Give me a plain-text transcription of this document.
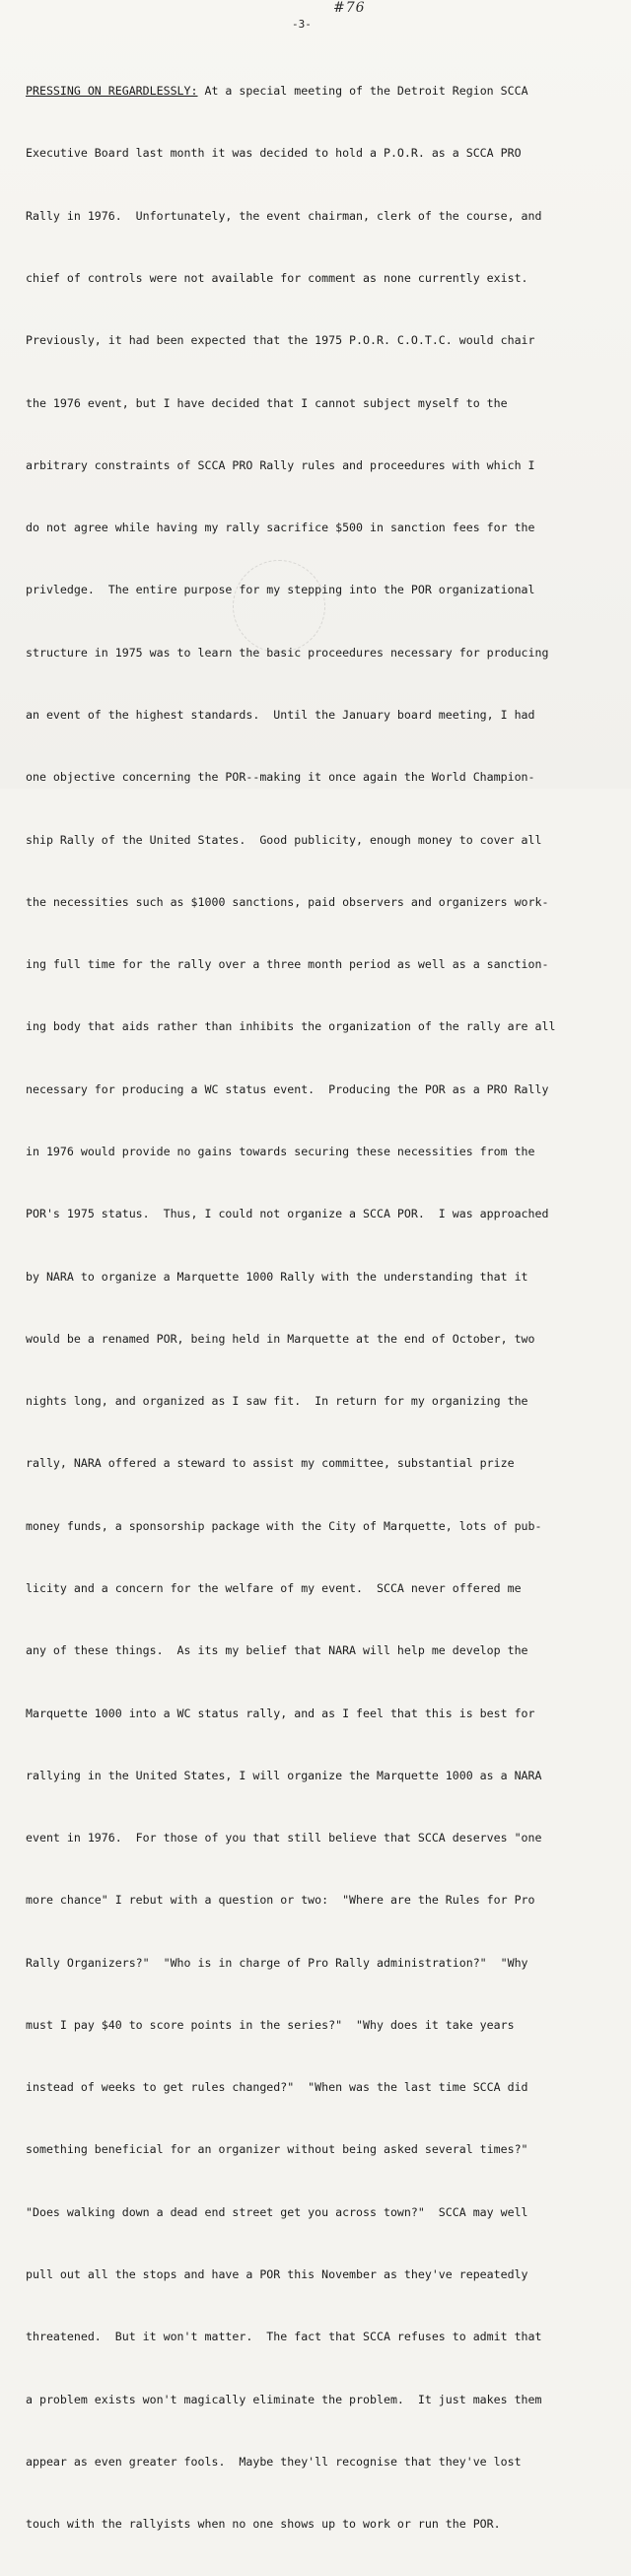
#76
-3-

PRESSING ON REGARDLESSLY: At a special meeting of the Detroit Region SCCA

Executive Board last month it was decided to hold a P.O.R. as a SCCA PRO

Rally in 1976.  Unfortunately, the event chairman, clerk of the course, and

chief of controls were not available for comment as none currently exist.

Previously, it had been expected that the 1975 P.O.R. C.O.T.C. would chair

the 1976 event, but I have decided that I cannot subject myself to the

arbitrary constraints of SCCA PRO Rally rules and proceedures with which I

do not agree while having my rally sacrifice $500 in sanction fees for the

privledge.  The entire purpose for my stepping into the POR organizational

structure in 1975 was to learn the basic proceedures necessary for producing

an event of the highest standards.  Until the January board meeting, I had

one objective concerning the POR--making it once again the World Champion-

ship Rally of the United States.  Good publicity, enough money to cover all

the necessities such as $1000 sanctions, paid observers and organizers work-

ing full time for the rally over a three month period as well as a sanction-

ing body that aids rather than inhibits the organization of the rally are all

necessary for producing a WC status event.  Producing the POR as a PRO Rally

in 1976 would provide no gains towards securing these necessities from the

POR's 1975 status.  Thus, I could not organize a SCCA POR.  I was approached

by NARA to organize a Marquette 1000 Rally with the understanding that it

would be a renamed POR, being held in Marquette at the end of October, two

nights long, and organized as I saw fit.  In return for my organizing the

rally, NARA offered a steward to assist my committee, substantial prize

money funds, a sponsorship package with the City of Marquette, lots of pub-

licity and a concern for the welfare of my event.  SCCA never offered me

any of these things.  As its my belief that NARA will help me develop the

Marquette 1000 into a WC status rally, and as I feel that this is best for

rallying in the United States, I will organize the Marquette 1000 as a NARA

event in 1976.  For those of you that still believe that SCCA deserves "one

more chance" I rebut with a question or two:  "Where are the Rules for Pro

Rally Organizers?"  "Who is in charge of Pro Rally administration?"  "Why

must I pay $40 to score points in the series?"  "Why does it take years

instead of weeks to get rules changed?"  "When was the last time SCCA did

something beneficial for an organizer without being asked several times?"

"Does walking down a dead end street get you across town?"  SCCA may well

pull out all the stops and have a POR this November as they've repeatedly

threatened.  But it won't matter.  The fact that SCCA refuses to admit that

a problem exists won't magically eliminate the problem.  It just makes them

appear as even greater fools.  Maybe they'll recognise that they've lost

touch with the rallyists when no one shows up to work or run the POR.
